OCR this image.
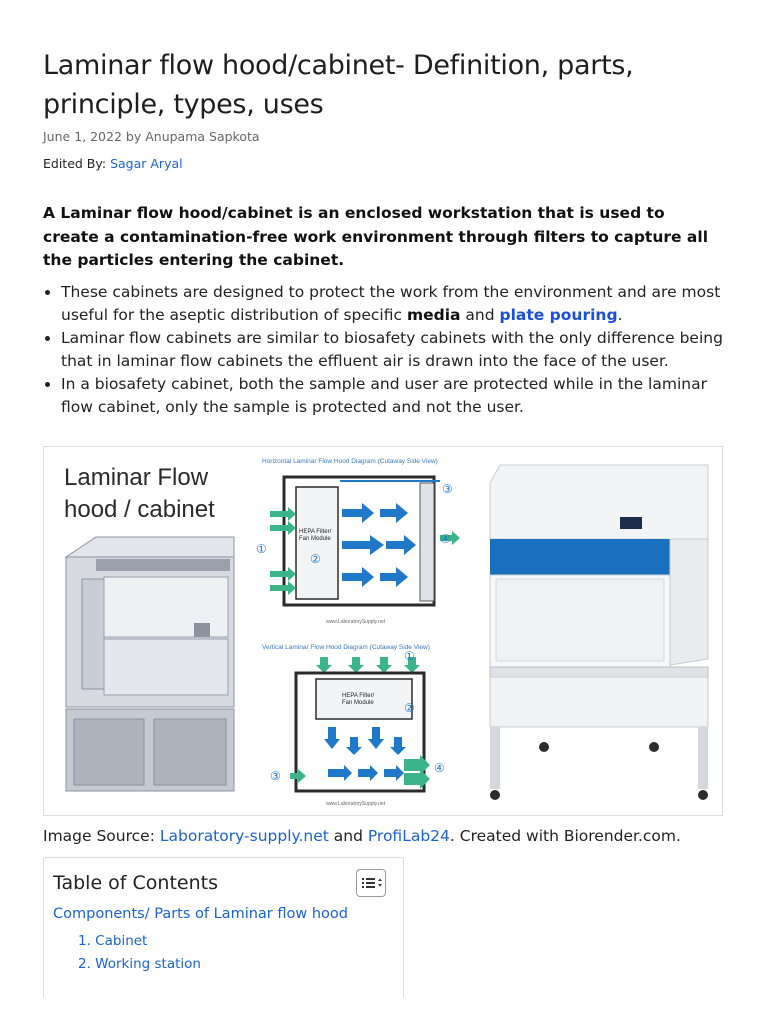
Laminar flow hood/cabinet- Definition, parts, principle, types, uses
June 1, 2022 by Anupama Sapkota
Edited By: Sagar Aryal

A Laminar flow hood/cabinet is an enclosed workstation that is used to create a contamination-free work environment through filters to capture all the particles entering the cabinet.

• These cabinets are designed to protect the work from the environment and are most useful for the aseptic distribution of specific media and plate pouring.
• Laminar flow cabinets are similar to biosafety cabinets with the only difference being that in laminar flow cabinets the effluent air is drawn into the face of the user.
• In a biosafety cabinet, both the sample and user are protected while in the laminar flow cabinet, only the sample is protected and not the user.
Laminar Flow
hood / cabinet
Horizontal Laminar Flow Hood Diagram (Cutaway Side View)
HEPA Filter/
Fan Module
①
②
③
④
www.LaboratorySupply.net
Vertical Laminar Flow Hood Diagram (Cutaway Side View)
HEPA Filter/
Fan Module	②
①
③
④
www.LaboratorySupply.net
Image Source: Laboratory-supply.net and ProfiLab24. Created with Biorender.com.
Table of Contents
Components/ Parts of Laminar flow hood
1. Cabinet
2. Working station
